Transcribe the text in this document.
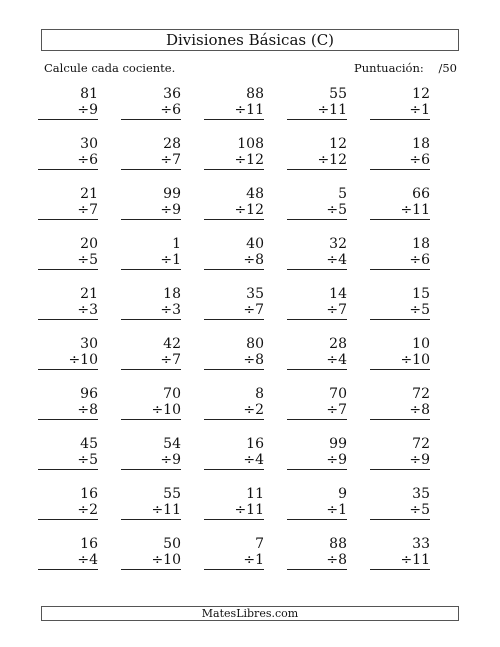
Divisiones Básicas (C)
Calcule cada cociente.	Puntuación: /50
81
÷9
36
÷6
88
÷11
55
÷11
12
÷1
30
÷6
28
÷7
108
÷12
12
÷12
18
÷6
21
÷7
99
÷9
48
÷12
5
÷5
66
÷11
20
÷5
1
÷1
40
÷8
32
÷4
18
÷6
21
÷3
18
÷3
35
÷7
14
÷7
15
÷5
30
÷10
42
÷7
80
÷8
28
÷4
10
÷10
96
÷8
70
÷10
8
÷2
70
÷7
72
÷8
45
÷5
54
÷9
16
÷4
99
÷9
72
÷9
16
÷2
55
÷11
11
÷11
9
÷1
35
÷5
16
÷4
50
÷10
7
÷1
88
÷8
33
÷11
MatesLibres.com
